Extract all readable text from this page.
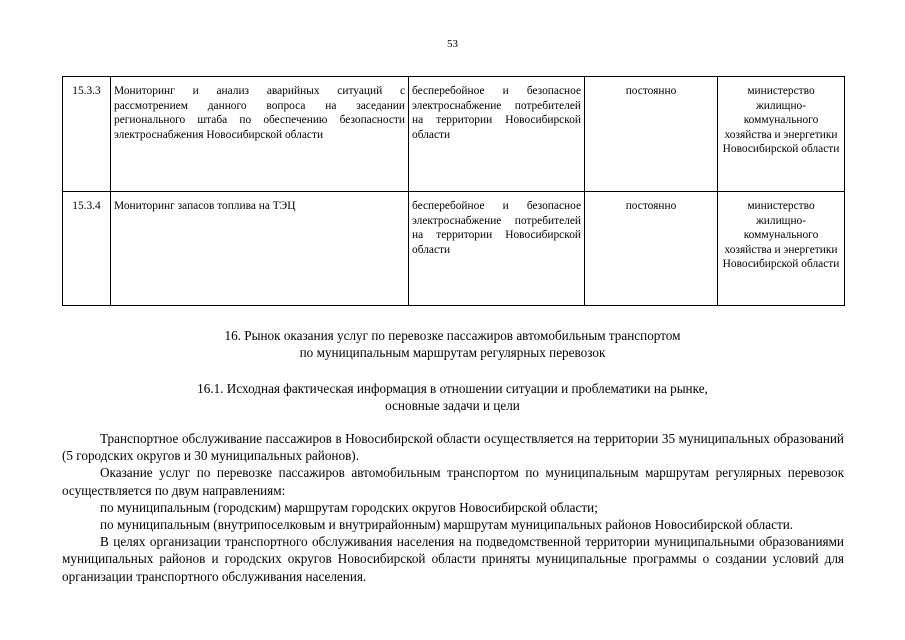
53
15.3.3	Мониторинг и анализ аварийных ситуаций с рассмотрением данного вопроса на заседании регионального штаба по обеспечению безопасности электроснабжения Новосибирской области	бесперебойное и безопасное электроснабжение потребителей на территории Новосибирской области	постоянно	министерство жилищно-коммунального хозяйства и энергетики Новосибирской области
15.3.4	Мониторинг запасов топлива на ТЭЦ	бесперебойное и безопасное электроснабжение потребителей на территории Новосибирской области	постоянно	министерство жилищно-коммунального хозяйства и энергетики Новосибирской области
16. Рынок оказания услуг по перевозке пассажиров автомобильным транспортом
по муниципальным маршрутам регулярных перевозок
16.1. Исходная фактическая информация в отношении ситуации и проблематики на рынке,
основные задачи и цели

Транспортное обслуживание пассажиров в Новосибирской области осуществляется на территории 35 муниципальных образований (5 городских округов и 30 муниципальных районов).

Оказание услуг по перевозке пассажиров автомобильным транспортом по муниципальным маршрутам регулярных перевозок осуществляется по двум направлениям:

по муниципальным (городским) маршрутам городских округов Новосибирской области;

по муниципальным (внутрипоселковым и внутрирайонным) маршрутам муниципальных районов Новосибирской области.

В целях организации транспортного обслуживания населения на подведомственной территории муниципальными образованиями муниципальных районов и городских округов Новосибирской области приняты муниципальные программы о создании условий для организации транспортного обслуживания населения.
